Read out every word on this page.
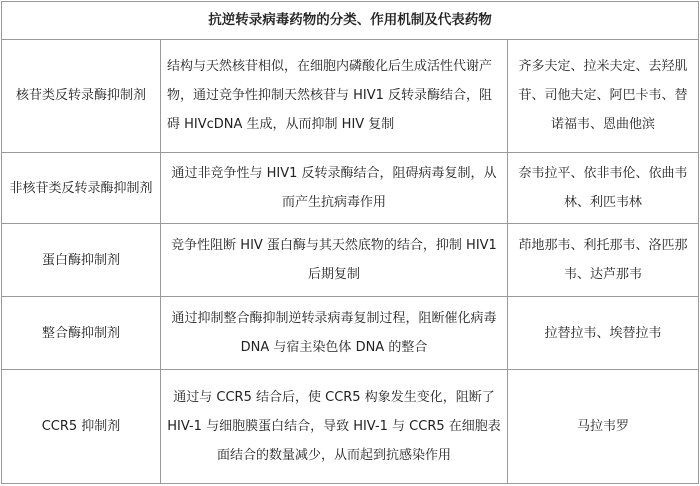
抗逆转录病毒药物的分类、作用机制及代表药物		
核苷类反转录酶抑制剂	结构与天然核苷相似，在细胞内磷酸化后生成活性代谢产物，通过竞争性抑制天然核苷与 HIV1 反转录酶结合，阻碍 HIVcDNA 生成，从而抑制 HIV 复制	齐多夫定、拉米夫定、去羟肌苷、司他夫定、阿巴卡韦、替诺福韦、恩曲他滨
非核苷类反转录酶抑制剂	通过非竞争性与 HIV1 反转录酶结合，阻碍病毒复制，从而产生抗病毒作用	奈韦拉平、依非韦伦、依曲韦林、利匹韦林
蛋白酶抑制剂	竞争性阻断 HIV 蛋白酶与其天然底物的结合，抑制 HIV1 后期复制	茚地那韦、利托那韦、洛匹那韦、达芦那韦
整合酶抑制剂	通过抑制整合酶抑制逆转录病毒复制过程，阻断催化病毒 DNA 与宿主染色体 DNA 的整合	拉替拉韦、埃替拉韦
CCR5 抑制剂	通过与 CCR5 结合后，使 CCR5 构象发生变化，阻断了 HIV-1 与细胞膜蛋白结合，导致 HIV-1 与 CCR5 在细胞表面结合的数量减少，从而起到抗感染作用	马拉韦罗
